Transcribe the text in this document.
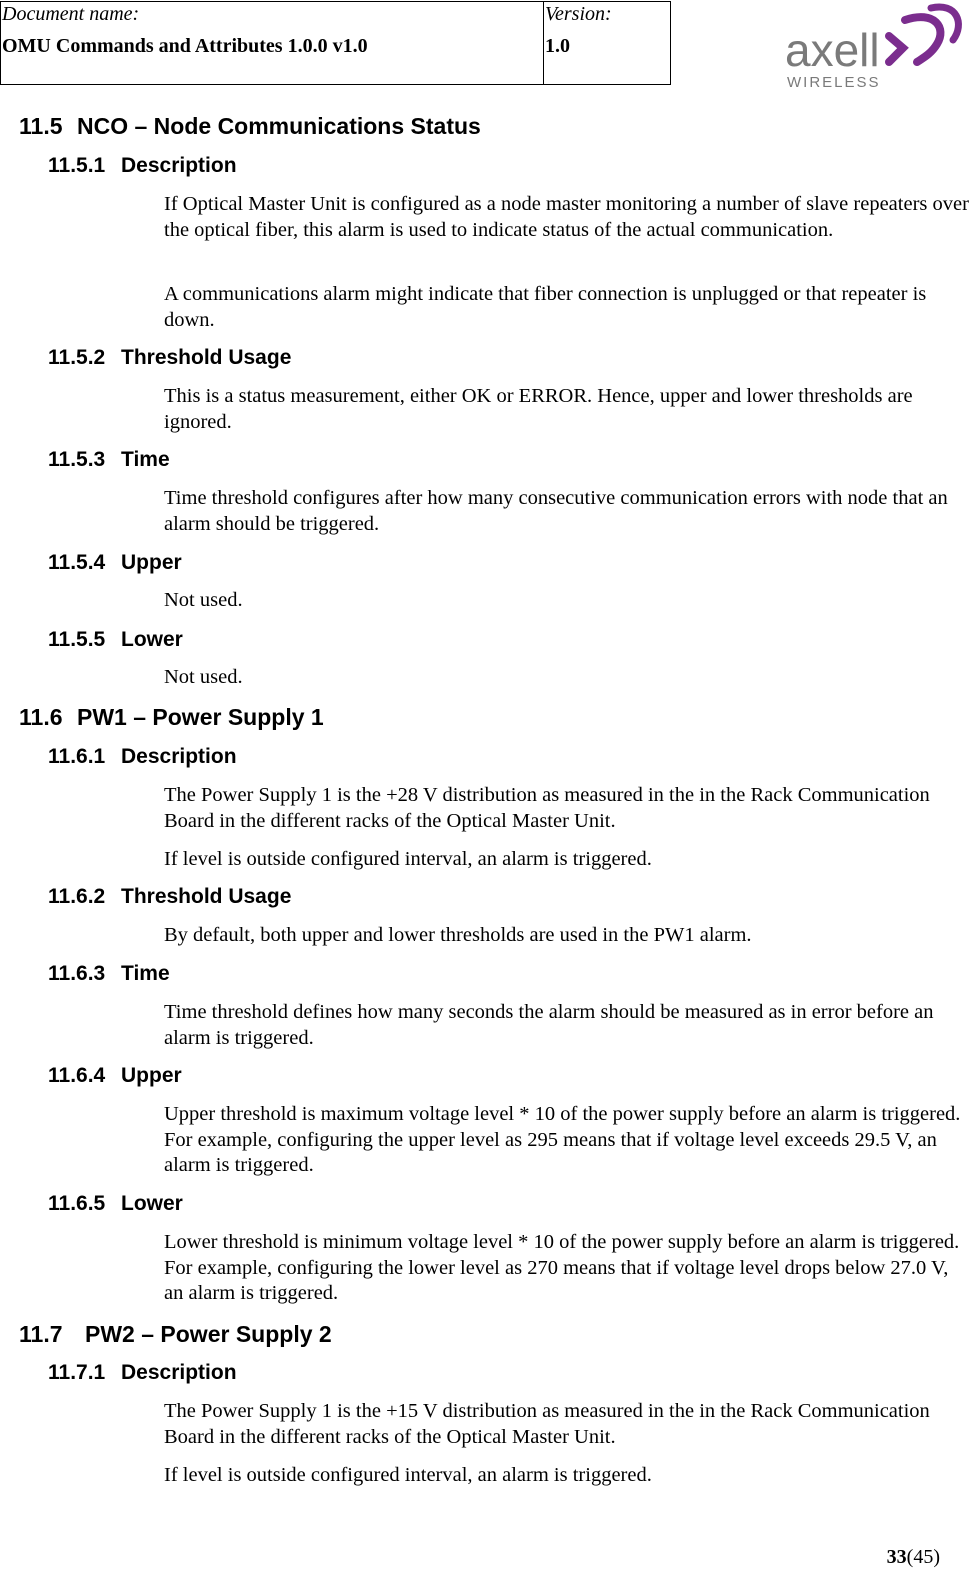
Document name:
OMU Commands and Attributes 1.0.0 v1.0
Version:
1.0	axell
WIRELESS
11.5 NCO – Node Communications Status
11.5.1 Description

If Optical Master Unit is configured as a node master monitoring a number of slave repeaters over the optical fiber, this alarm is used to indicate status of the actual communication.

A communications alarm might indicate that fiber connection is unplugged or that repeater is down.

11.5.2 Threshold Usage

This is a status measurement, either OK or ERROR. Hence, upper and lower thresholds are ignored.

11.5.3 Time

Time threshold configures after how many consecutive communication errors with node that an alarm should be triggered.

11.5.4 Upper

Not used.

11.5.5 Lower

Not used.

11.6 PW1 – Power Supply 1
11.6.1 Description

The Power Supply 1 is the +28 V distribution as measured in the in the Rack Communication Board in the different racks of the Optical Master Unit.

If level is outside configured interval, an alarm is triggered.

11.6.2 Threshold Usage

By default, both upper and lower thresholds are used in the PW1 alarm.

11.6.3 Time

Time threshold defines how many seconds the alarm should be measured as in error before an alarm is triggered.

11.6.4 Upper

Upper threshold is maximum voltage level * 10 of the power supply before an alarm is triggered. For example, configuring the upper level as 295 means that if voltage level exceeds 29.5 V, an alarm is triggered.

11.6.5 Lower

Lower threshold is minimum voltage level * 10 of the power supply before an alarm is triggered. For example, configuring the lower level as 270 means that if voltage level drops below 27.0 V, an alarm is triggered.

11.7 PW2 – Power Supply 2
11.7.1 Description

The Power Supply 1 is the +15 V distribution as measured in the in the Rack Communication Board in the different racks of the Optical Master Unit.

If level is outside configured interval, an alarm is triggered.

33(45)
